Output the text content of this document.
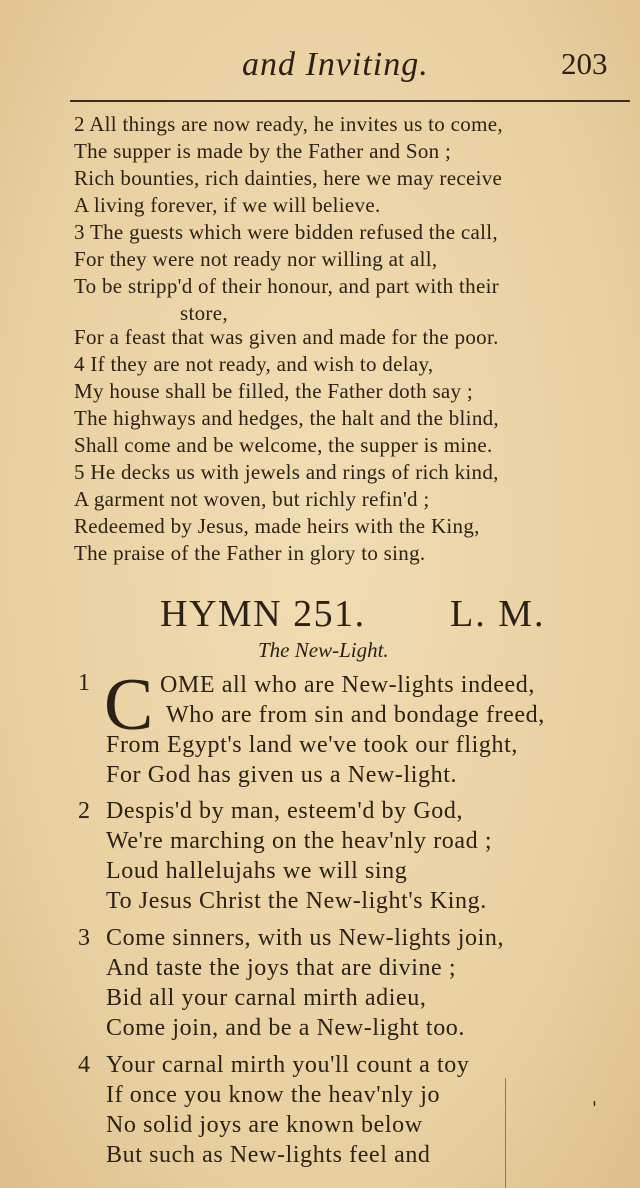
and Inviting.	203
2 All things are now ready, he invites us to come,
The supper is made by the Father and Son ;
Rich bounties, rich dainties, here we may receive
A living forever, if we will believe.
3 The guests which were bidden refused the call,
For they were not ready nor willing at all,
To be stripp'd of their honour, and part with their
store,
For a feast that was given and made for the poor.
4 If they are not ready, and wish to delay,
My house shall be filled, the Father doth say ;
The highways and hedges, the halt and the blind,
Shall come and be welcome, the supper is mine.
5 He decks us with jewels and rings of rich kind,
A garment not woven, but richly refin'd ;
Redeemed by Jesus, made heirs with the King,
The praise of the Father in glory to sing.
HYMN 251. L. M.
The New-Light.
1 C OME all who are New-lights indeed,
Who are from sin and bondage freed,
From Egypt's land we've took our flight,
For God has given us a New-light.
2 Despis'd by man, esteem'd by God,
We're marching on the heav'nly road ;
Loud hallelujahs we will sing
To Jesus Christ the New-light's King.
3 Come sinners, with us New-lights join,
And taste the joys that are divine ;
Bid all your carnal mirth adieu,
Come join, and be a New-light too.
4 Your carnal mirth you'll count a toy
If once you know the heav'nly jo
No solid joys are known below
But such as New-lights feel and
'
